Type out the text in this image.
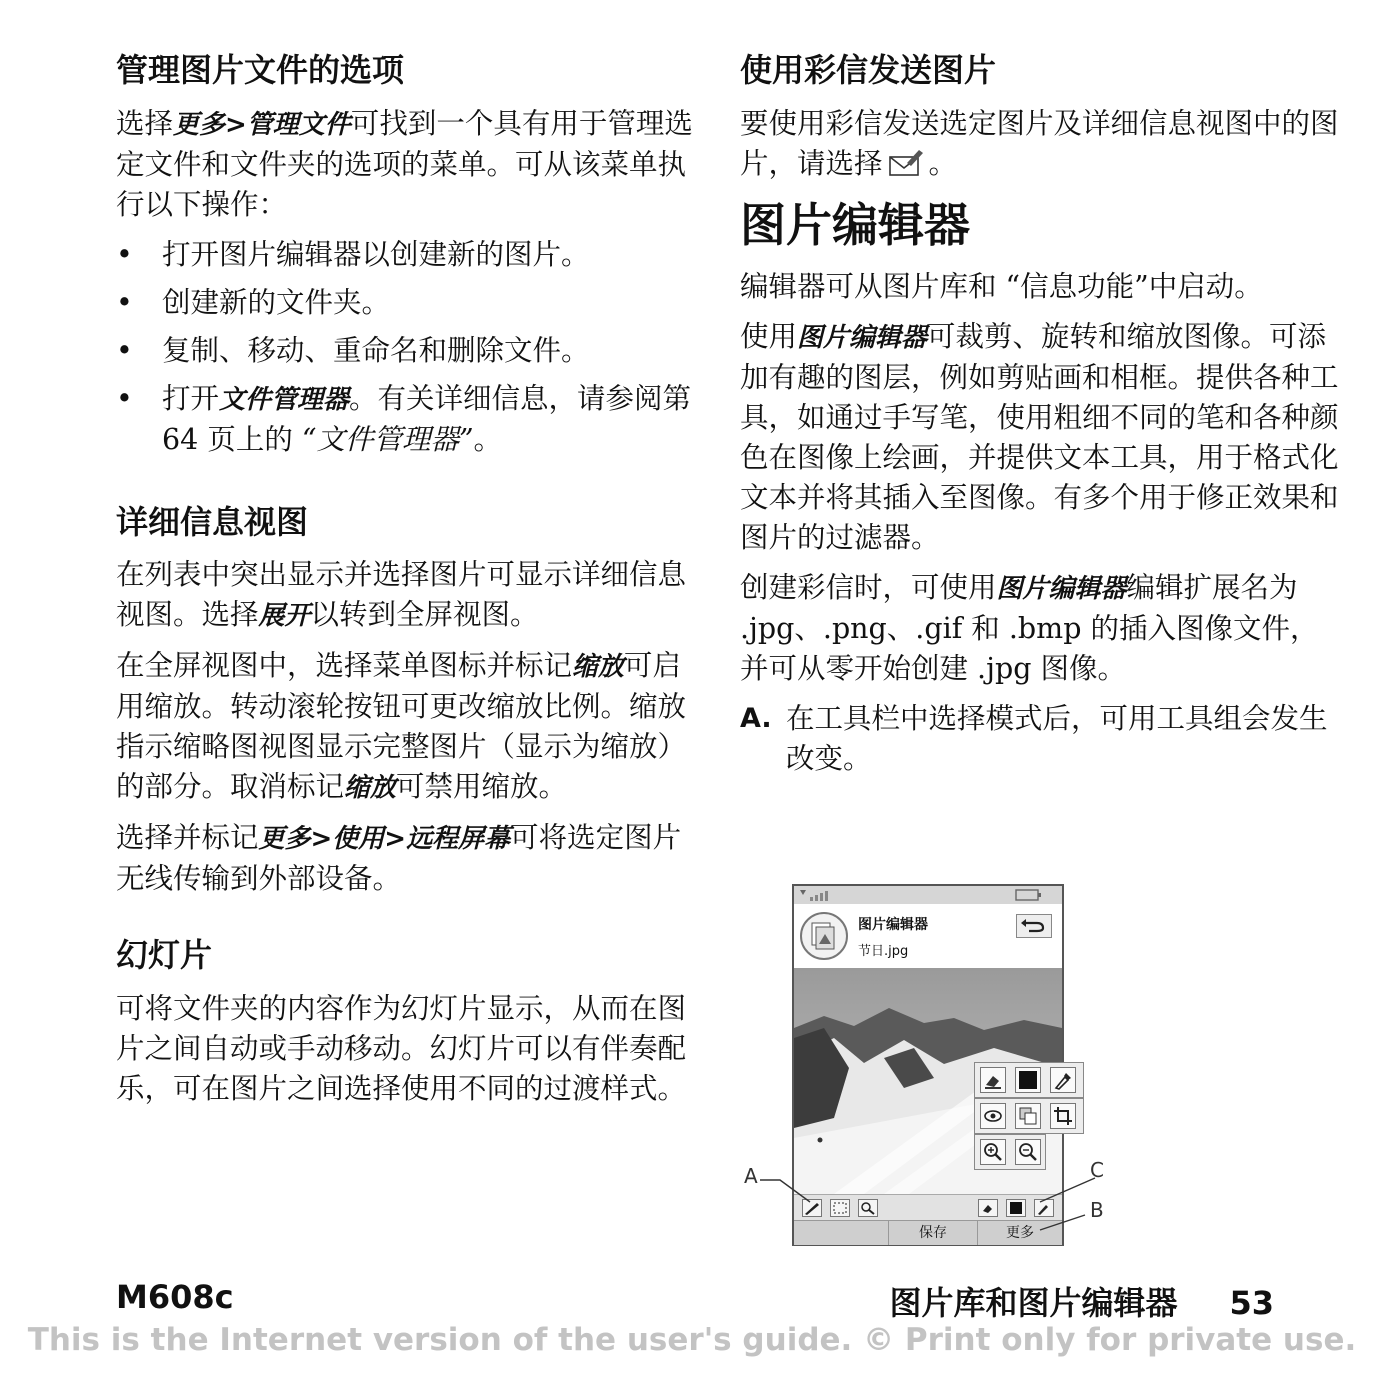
管理图片文件的选项

选择更多>管理文件可找到一个具有用于管理选定文件和文件夹的选项的菜单。可从该菜单执行以下操作：

• 打开图片编辑器以创建新的图片。
• 创建新的文件夹。
• 复制、移动、重命名和删除文件。
• 打开文件管理器。有关详细信息，请参阅第 64 页上的 “文件管理器”。
详细信息视图

在列表中突出显示并选择图片可显示详细信息视图。选择展开以转到全屏视图。

在全屏视图中，选择菜单图标并标记缩放可启用缩放。转动滚轮按钮可更改缩放比例。缩放指示缩略图视图显示完整图片（显示为缩放）的部分。取消标记缩放可禁用缩放。

选择并标记更多>使用>远程屏幕可将选定图片无线传输到外部设备。

幻灯片

可将文件夹的内容作为幻灯片显示，从而在图片之间自动或手动移动。幻灯片可以有伴奏配乐，可在图片之间选择使用不同的过渡样式。

使用彩信发送图片

要使用彩信发送选定图片及详细信息视图中的图片，请选择 。

图片编辑器

编辑器可从图片库和 “信息功能”中启动。

使用图片编辑器可裁剪、旋转和缩放图像。可添加有趣的图层，例如剪贴画和相框。提供各种工具，如通过手写笔，使用粗细不同的笔和各种颜色在图像上绘画，并提供文本工具，用于格式化文本并将其插入至图像。有多个用于修正效果和图片的过滤器。

创建彩信时，可使用图片编辑器编辑扩展名为 .jpg、.png、.gif 和 .bmp 的插入图像文件，并可从零开始创建 .jpg 图像。

A. 在工具栏中选择模式后，可用工具组会发生改变。
图片编辑器
节日.jpg
保存	更多
A	C
B
M608c	图片库和图片编辑器 53
This is the Internet version of the user's guide. © Print only for private use.
